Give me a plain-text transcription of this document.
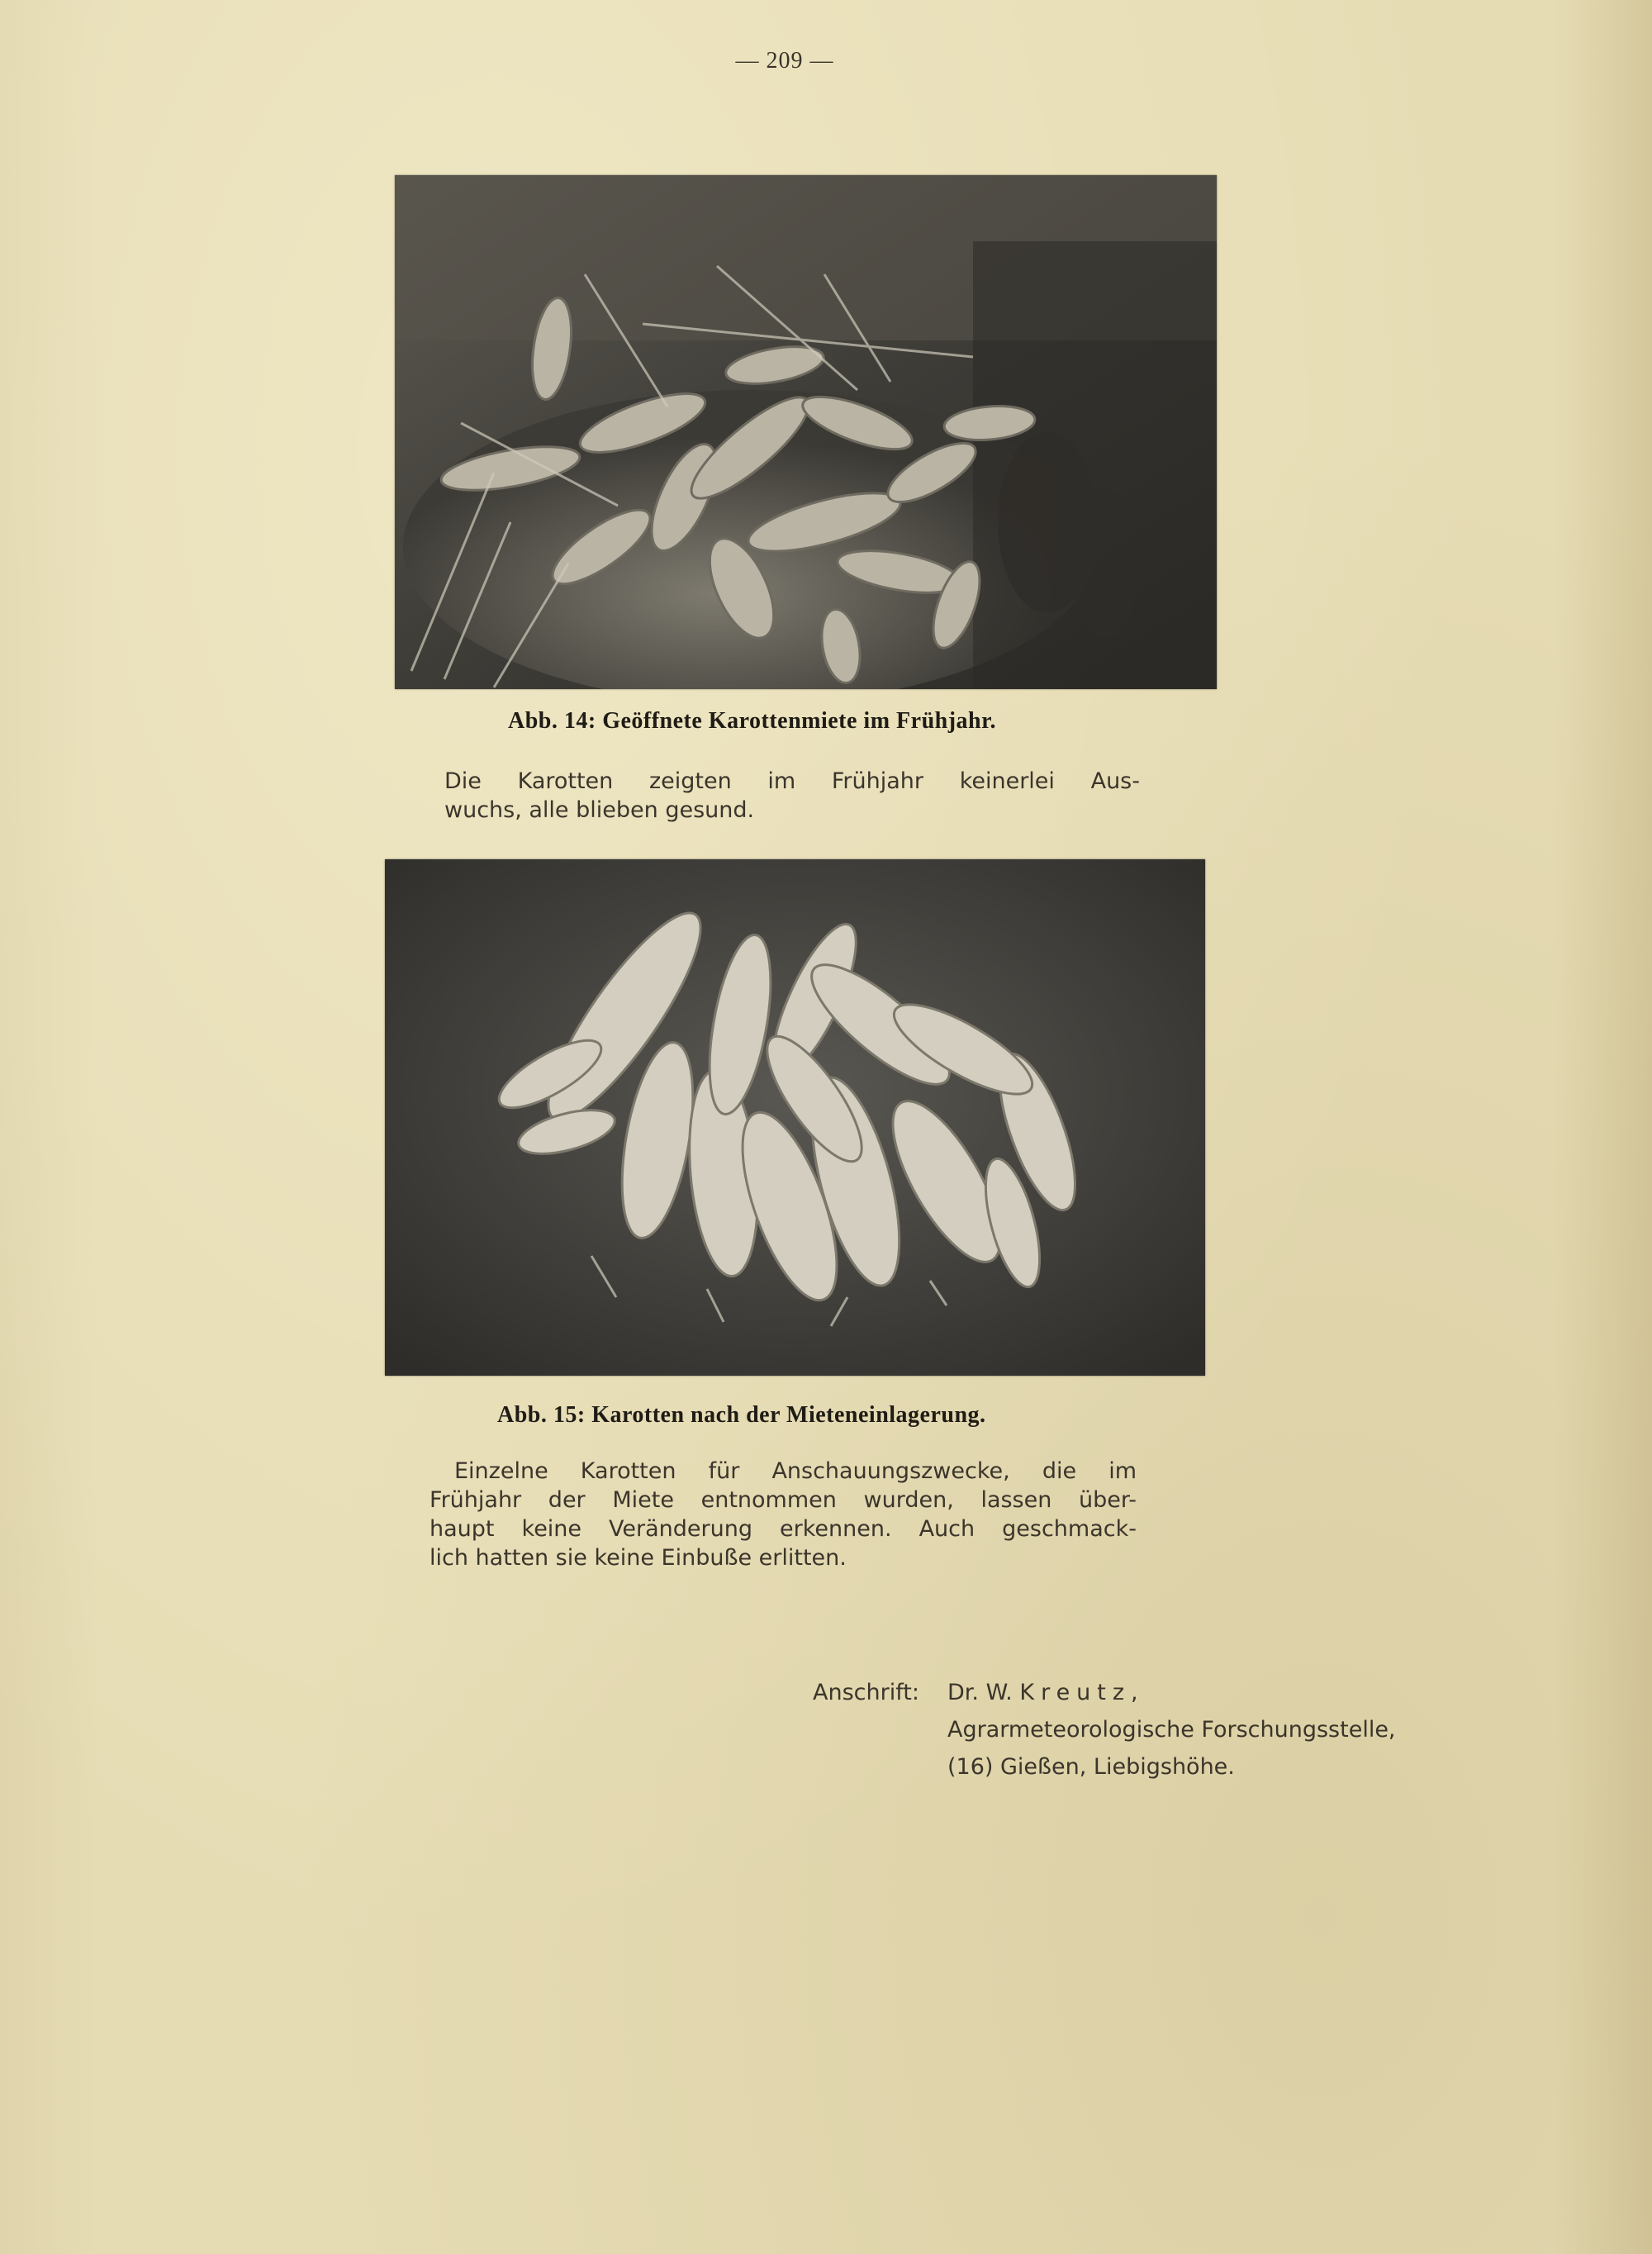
— 209 —
Abb. 14: Geöffnete Karottenmiete im Frühjahr.
Die Karotten zeigten im Frühjahr keinerlei Aus-
wuchs, alle blieben gesund.
Abb. 15: Karotten nach der Mieteneinlagerung.
Einzelne Karotten für Anschauungszwecke, die im
Frühjahr der Miete entnommen wurden, lassen über-
haupt keine Veränderung erkennen. Auch geschmack-
lich hatten sie keine Einbuße erlitten.
Anschrift: Dr. W. Kreutz,
Agrarmeteorologische Forschungsstelle,
(16) Gießen, Liebigshöhe.
